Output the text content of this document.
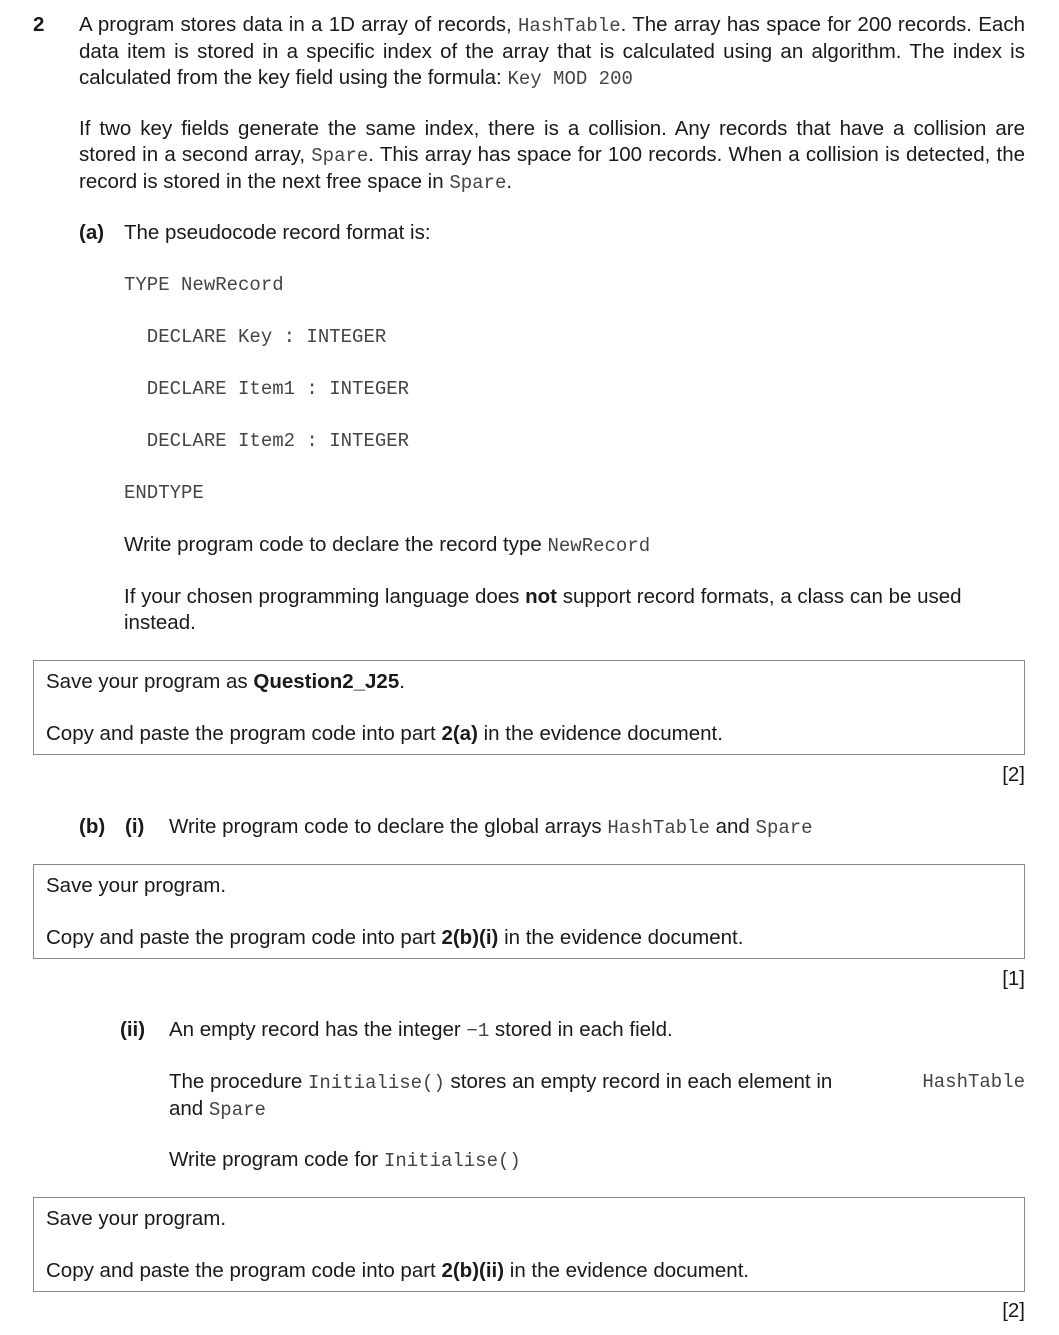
2 A program stores data in a 1D array of records, HashTable. The array has space for 200 records. Each data item is stored in a specific index of the array that is calculated using an algorithm. The index is calculated from the key field using the formula: Key MOD 200

If two key fields generate the same index, there is a collision. Any records that have a collision are stored in a second array, Spare. This array has space for 100 records. When a collision is detected, the record is stored in the next free space in Spare.

(a) The pseudocode record format is:
TYPE NewRecord
DECLARE Key : INTEGER
DECLARE Item1 : INTEGER
DECLARE Item2 : INTEGER
ENDTYPE
Write program code to declare the record type NewRecord
If your chosen programming language does not support record formats, a class can be used instead.
Save your program as Question2_J25.
Copy and paste the program code into part 2(a) in the evidence document.
[2]
(b) (i) Write program code to declare the global arrays HashTable and Spare
Save your program.
Copy and paste the program code into part 2(b)(i) in the evidence document.
[1]
(ii) An empty record has the integer −1 stored in each field.
The procedure Initialise() stores an empty record in each element in	HashTable
and Spare
Write program code for Initialise()
Save your program.
Copy and paste the program code into part 2(b)(ii) in the evidence document.
[2]
